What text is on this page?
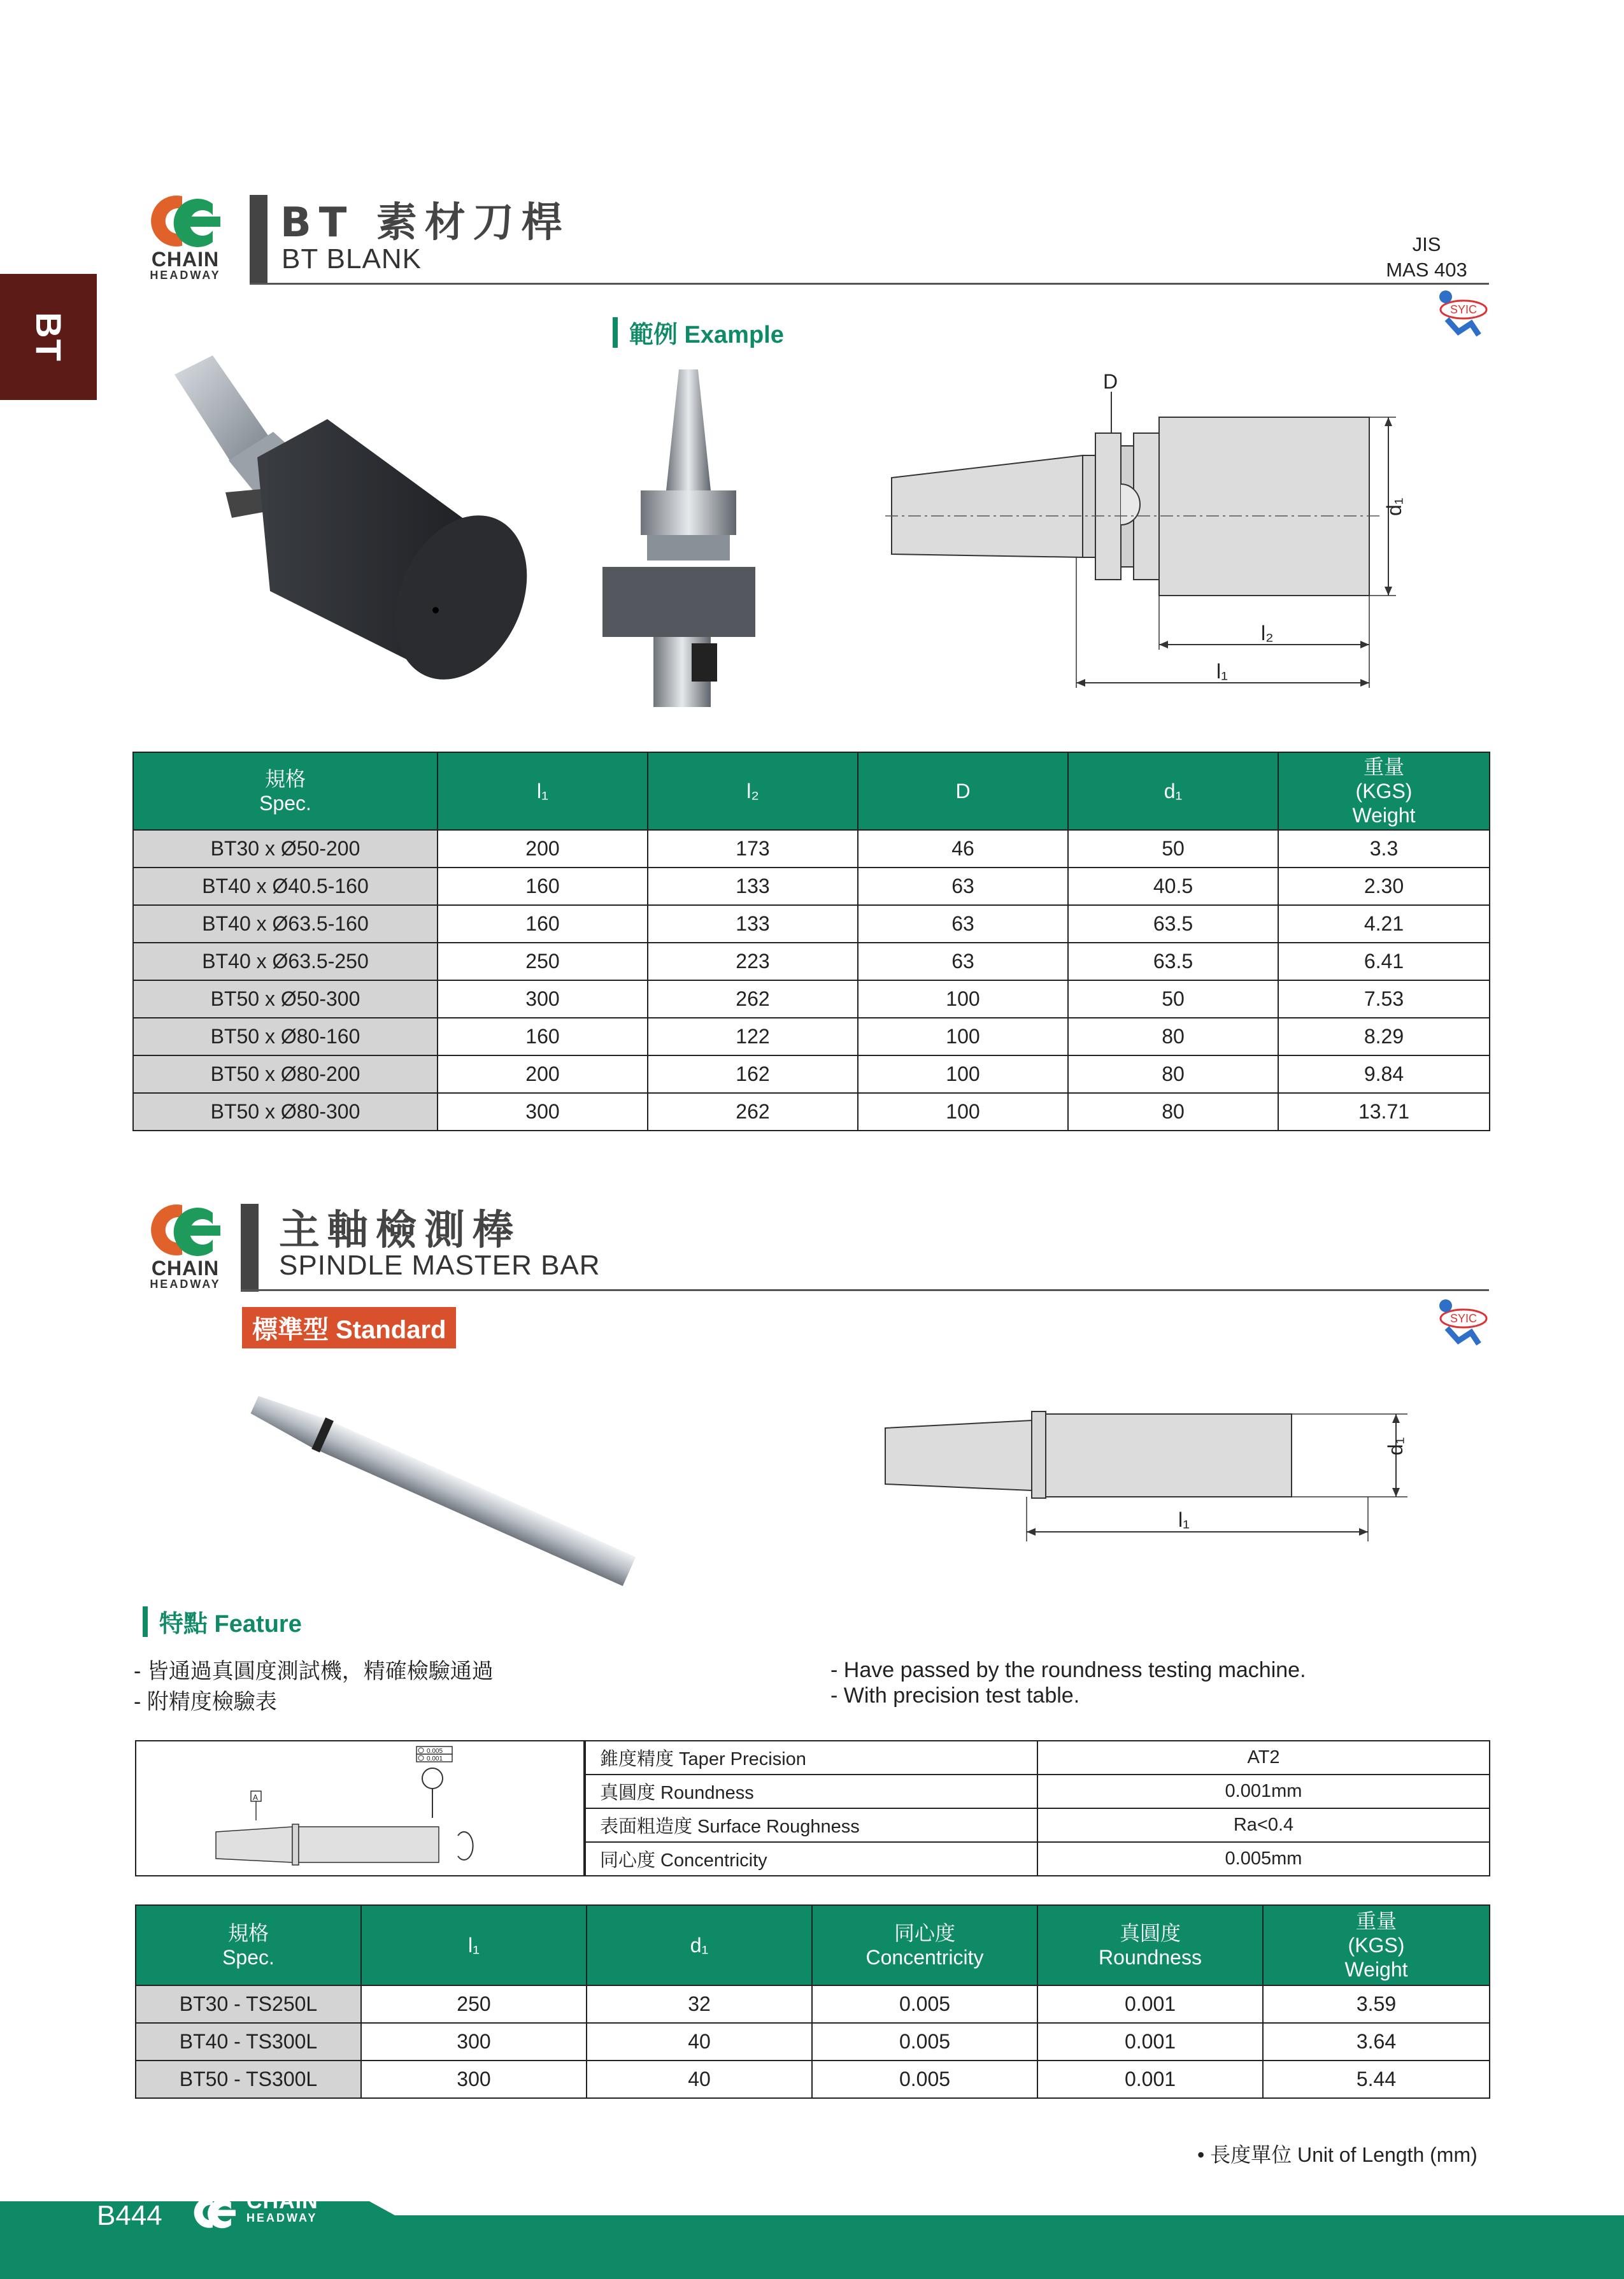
BT
CHAIN
HEADWAY
BT 素材刀桿
BT BLANK	JIS
MAS 403
SYIC
範例 Example
D
d₁
l₂
l₁
規格
Spec.	l₁	l₂	D	d₁	重量
(KGS)
Weight
BT30 x Ø50-200	200	173	46	50	3.3
BT40 x Ø40.5-160	160	133	63	40.5	2.30
BT40 x Ø63.5-160	160	133	63	63.5	4.21
BT40 x Ø63.5-250	250	223	63	63.5	6.41
BT50 x Ø50-300	300	262	100	50	7.53
BT50 x Ø80-160	160	122	100	80	8.29
BT50 x Ø80-200	200	162	100	80	9.84
BT50 x Ø80-300	300	262	100	80	13.71
CHAIN
HEADWAY
主軸檢測棒
SPINDLE MASTER BAR
標準型 Standard	SYIC
d₁
l₁
特點 Feature
- 皆通過真圓度測試機，精確檢驗通過
- 附精度檢驗表
- Have passed by the roundness testing machine.
- With precision test table.
0.005
0.001
A
錐度精度 Taper Precision	AT2
真圓度 Roundness	0.001mm
表面粗造度 Surface Roughness	Ra<0.4
同心度 Concentricity	0.005mm
規格
Spec.	l₁	d₁	同心度
Concentricity	真圓度
Roundness	重量
(KGS)
Weight
BT30 - TS250L	250	32	0.005	0.001	3.59
BT40 - TS300L	300	40	0.005	0.001	3.64
BT50 - TS300L	300	40	0.005	0.001	5.44
• 長度單位 Unit of Length (mm)
B444	CHAIN
HEADWAY
